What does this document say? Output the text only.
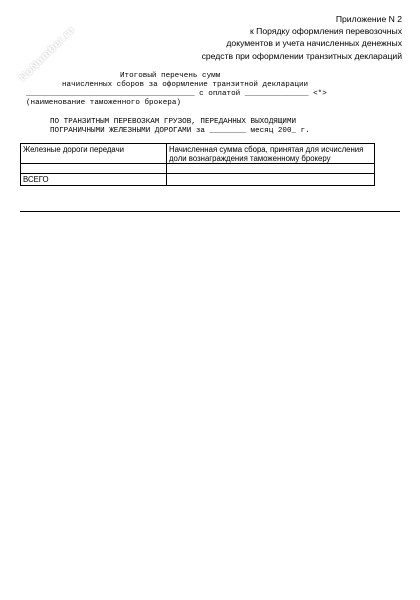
NoNumber.ru
Приложение N 2
к Порядку оформления перевозочных
документов и учета начисленных денежных
средств при оформлении транзитных деклараций
Итоговый перечень сумм
начисленных сборов за оформление транзитной декларации
_____________________________________ с оплатой ______________ <*>
(наименование таможенного брокера)
ПО ТРАНЗИТНЫМ ПЕРЕВОЗКАМ ГРУЗОВ, ПЕРЕДАННЫХ ВЫХОДЯЩИМИ
ПОГРАНИЧНЫМИ ЖЕЛЕЗНЫМИ ДОРОГАМИ за ________ месяц 200_ г.
Железные дороги передачи	Начисленная сумма сбора, принятая для исчисления доли вознаграждения таможенному брокеру

ВСЕГО	
